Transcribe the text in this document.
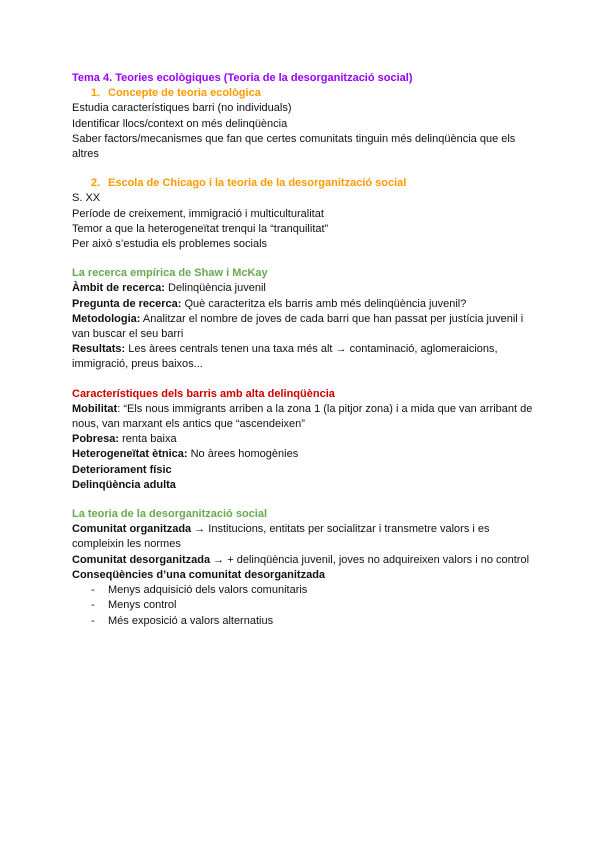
Tema 4. Teories ecològiques (Teoria de la desorganització social)
1. Concepte de teoria ecològica
Estudia característiques barri (no individuals)
Identificar llocs/context on més delinqüència
Saber factors/mecanismes que fan que certes comunitats tinguin més delinqüència que els altres
2. Escola de Chicago i la teoria de la desorganització social
S. XX
Període de creixement, immigració i multiculturalitat
Temor a que la heterogeneïtat trenqui la “tranquilitat”
Per això s’estudia els problemes socials
La recerca empírica de Shaw i McKay
Àmbit de recerca: Delinqüència juvenil
Pregunta de recerca: Què caracteritza els barris amb més delinqüència juvenil?
Metodologia: Analitzar el nombre de joves de cada barri que han passat per justícia juvenil i van buscar el seu barri
Resultats: Les àrees centrals tenen una taxa més alt → contaminació, aglomeraicions, immigració, preus baixos...
Característiques dels barris amb alta delinqüència
Mobilitat: “Els nous immigrants arriben a la zona 1 (la pitjor zona) i a mida que van arribant de nous, van marxant els antics que “ascendeixen”
Pobresa: renta baixa
Heterogeneïtat ètnica: No àrees homogènies
Deteriorament físic
Delinqüència adulta
La teoria de la desorganització social
Comunitat organitzada → Institucions, entitats per socialitzar i transmetre valors i es compleixin les normes
Comunitat desorganitzada → + delinqüència juvenil, joves no adquireixen valors i no control
Conseqüències d’una comunitat desorganitzada
- Menys adquisició dels valors comunitaris
- Menys control
- Més exposició a valors alternatius
